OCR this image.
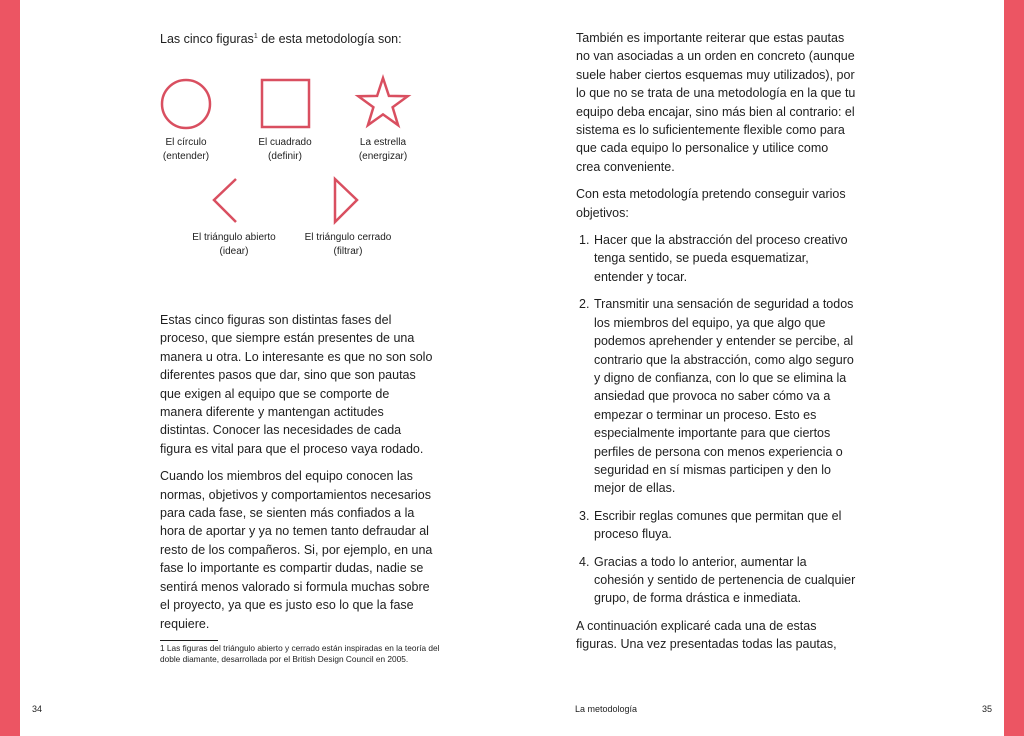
Las cinco figuras$^1$ de esta metodología son:

El círculo
(entender)
El cuadrado
(definir)
La estrella
(energizar)
El triángulo abierto
(idear)
El triángulo cerrado
(filtrar)

Estas cinco figuras son distintas fases del proceso, que siempre están presentes de una manera u otra. Lo interesante es que no son solo diferentes pasos que dar, sino que son pautas que exigen al equipo que se comporte de manera diferente y mantengan actitudes distintas. Conocer las necesidades de cada figura es vital para que el proceso vaya rodado.

Cuando los miembros del equipo conocen las normas, objetivos y comportamientos necesarios para cada fase, se sienten más confiados a la hora de aportar y ya no temen tanto defraudar al resto de los compañeros. Si, por ejemplo, en una fase lo importante es compartir dudas, nadie se sentirá menos valorado si formula muchas sobre el proyecto, ya que es justo eso lo que la fase requiere.

1 Las figuras del triángulo abierto y cerrado están inspiradas en la teoría del doble diamante, desarrollada por el British Design Council en 2005.

34

También es importante reiterar que estas pautas no van asociadas a un orden en concreto (aunque suele haber ciertos esquemas muy utilizados), por lo que no se trata de una metodología en la que tu equipo deba encajar, sino más bien al contrario: el sistema es lo suficientemente flexible como para que cada equipo lo personalice y utilice como crea conveniente.

Con esta metodología pretendo conseguir varios objetivos:

1. Hacer que la abstracción del proceso creativo tenga sentido, se pueda esquematizar, entender y tocar.
2. Transmitir una sensación de seguridad a todos los miembros del equipo, ya que algo que podemos aprehender y entender se percibe, al contrario que la abstracción, como algo seguro y digno de confianza, con lo que se elimina la ansiedad que provoca no saber cómo va a empezar o terminar un proceso. Esto es especialmente importante para que ciertos perfiles de persona con menos experiencia o seguridad en sí mismas participen y den lo mejor de ellas.
3. Escribir reglas comunes que permitan que el proceso fluya.
4. Gracias a todo lo anterior, aumentar la cohesión y sentido de pertenencia de cualquier grupo, de forma drástica e inmediata.

A continuación explicaré cada una de estas figuras. Una vez presentadas todas las pautas,

La metodología	35
